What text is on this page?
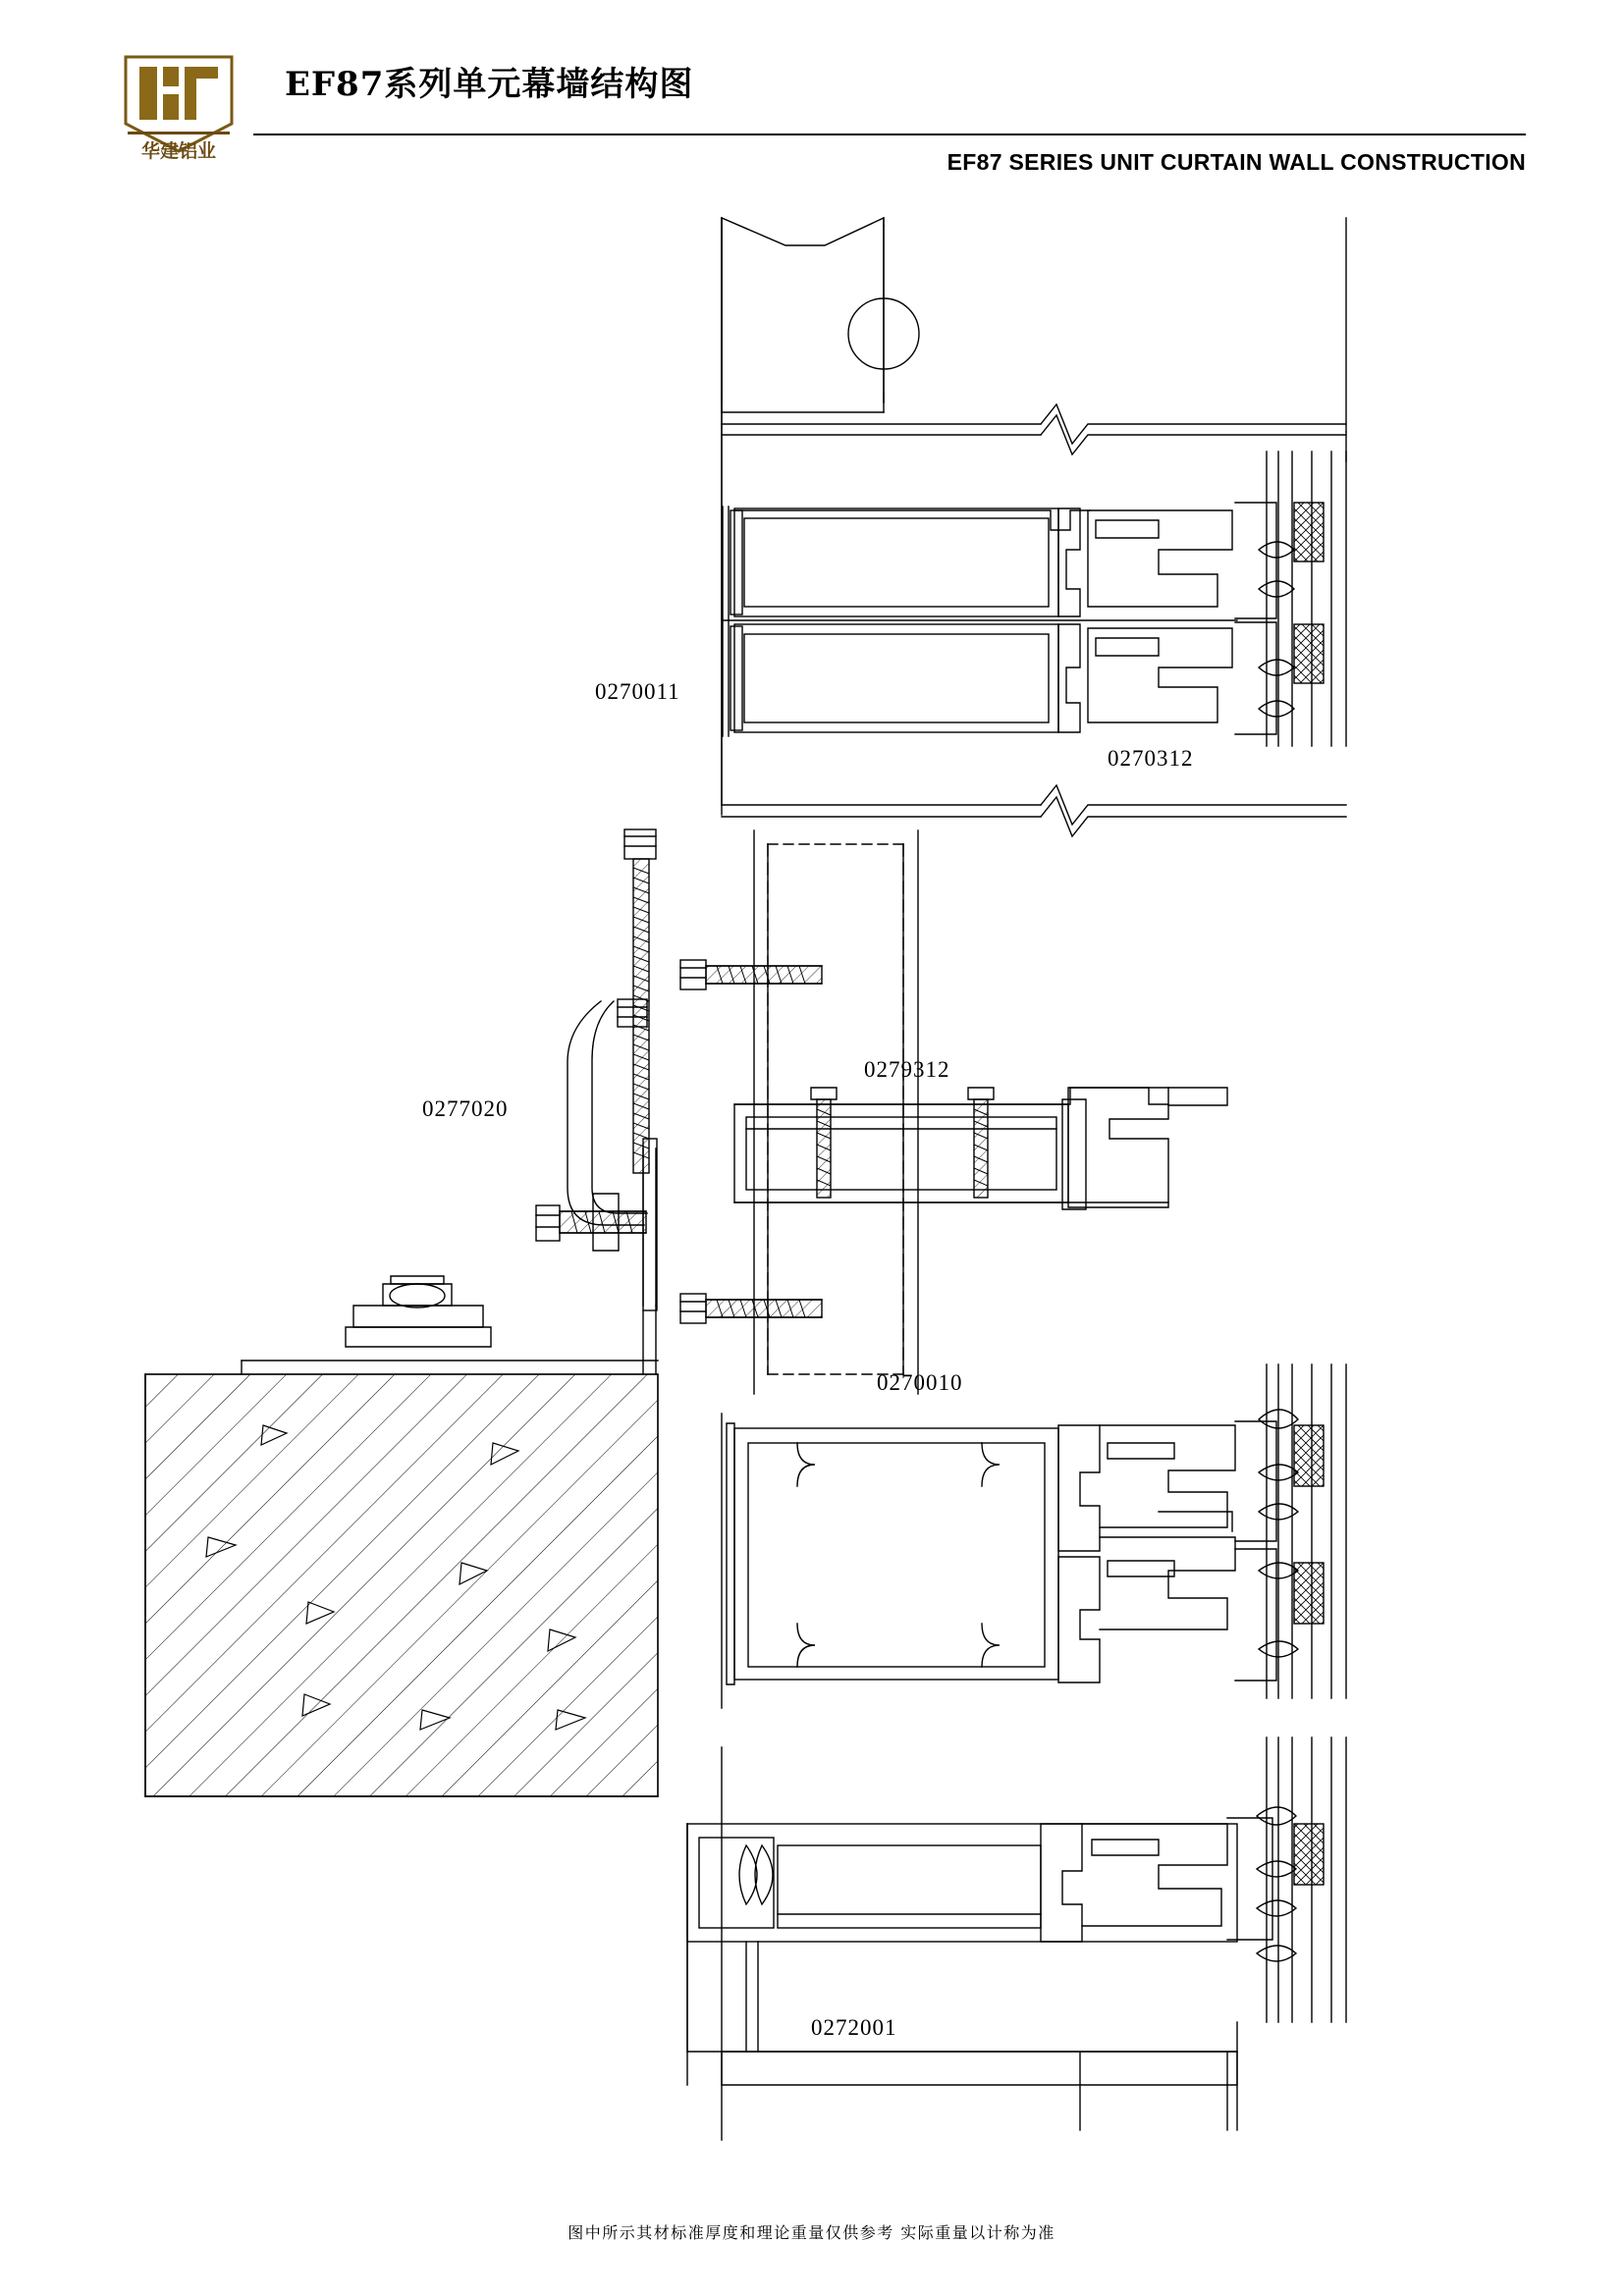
华建铝业
EF87系列单元幕墙结构图
EF87 SERIES UNIT CURTAIN WALL CONSTRUCTION
0270011
0270312
0277020
0279312
0270010
0272001
图中所示其材标准厚度和理论重量仅供参考 实际重量以计称为准
